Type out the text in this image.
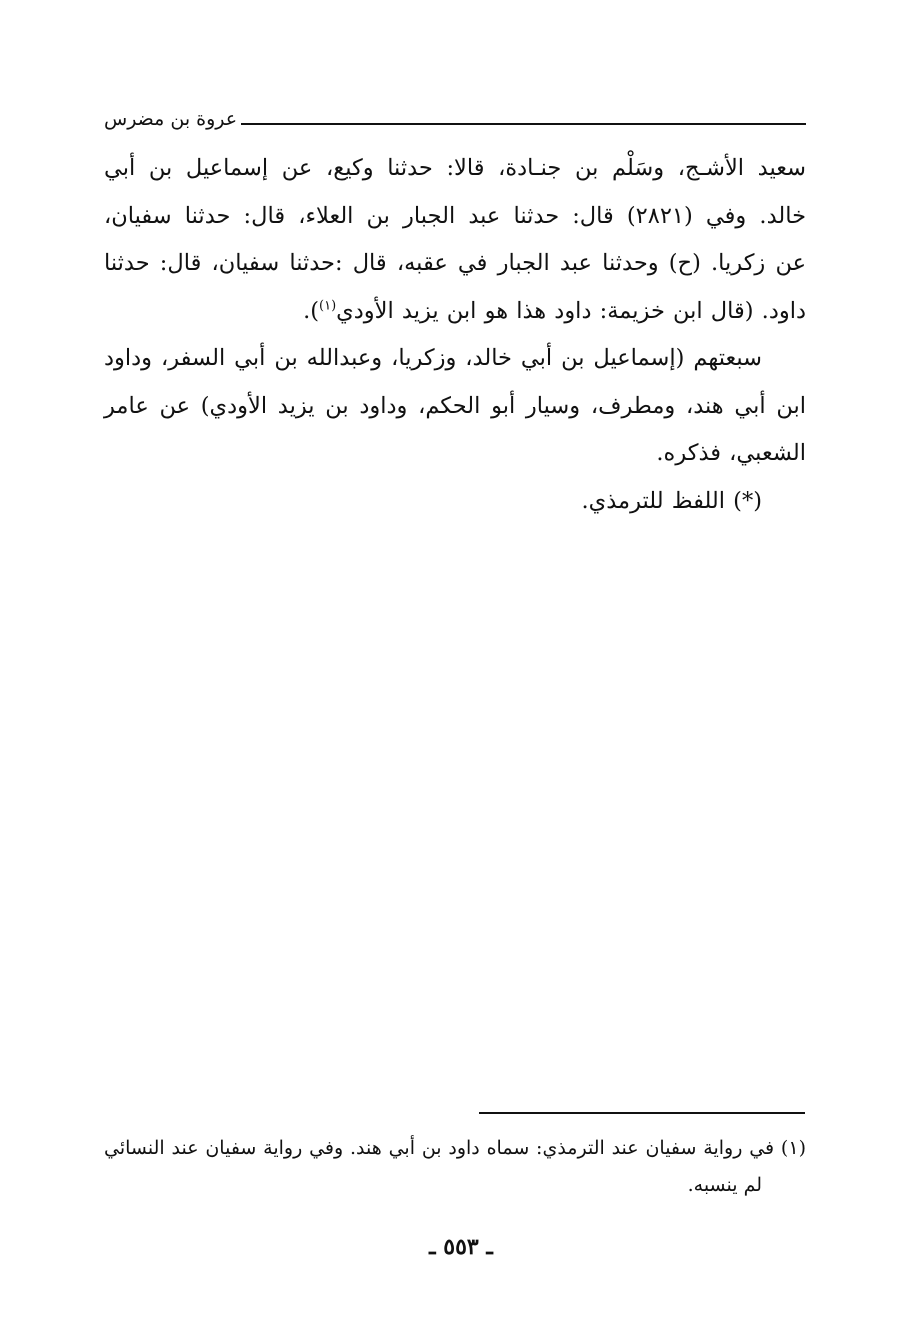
عروة بن مضرس

سعيد الأشـج، وسَلْم بن جنـادة، قالا: حدثنا وكيع، عن إسماعيل بن أبي
خالد. وفي (٢٨٢١) قال: حدثنا عبد الجبار بن العلاء، قال: حدثنا سفيان،
عن زكريا. (ح) وحدثنا عبد الجبار في عقبه، قال :حدثنا سفيان، قال: حدثنا
داود. (قال ابن خزيمة: داود هذا هو ابن يزيد الأودي$^{(١)}$).

سبعتهم (إسماعيل بن أبي خالد، وزكريا، وعبدالله بن أبي السفر، وداود
ابن أبي هند، ومطرف، وسيار أبو الحكم، وداود بن يزيد الأودي) عن عامر
الشعبي، فذكره.

(*) اللفظ للترمذي.

(١) في رواية سفيان عند الترمذي: سماه داود بن أبي هند. وفي رواية سفيان عند النسائي
لم ينسبه.
ـ ٥٥٣ ـ
